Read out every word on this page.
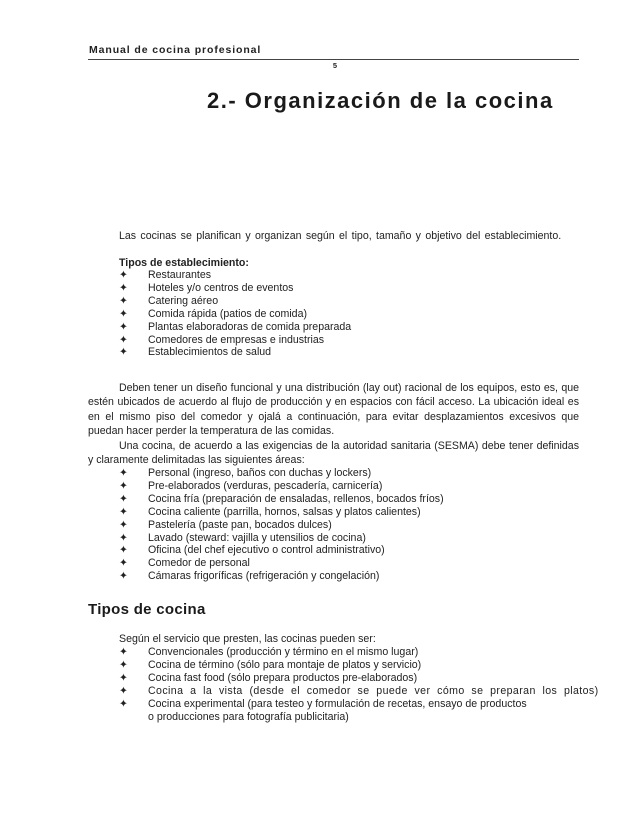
Manual de cocina profesional
5
2.- Organización de la cocina

Las cocinas se planifican y organizan según el tipo, tamaño y objetivo del establecimiento.

Tipos de establecimiento:

✦ Restaurantes
✦ Hoteles y/o centros de eventos
✦ Catering aéreo
✦ Comida rápida (patios de comida)
✦ Plantas elaboradoras de comida preparada
✦ Comedores de empresas e industrias
✦ Establecimientos de salud

Deben tener un diseño funcional y una distribución (lay out) racional de los equipos, esto es, que estén ubicados de acuerdo al flujo de producción y en espacios con fácil acceso. La ubicación ideal es en el mismo piso del comedor y ojalá a continuación, para evitar desplazamientos excesivos que puedan hacer perder la temperatura de las comidas.

Una cocina, de acuerdo a las exigencias de la autoridad sanitaria (SESMA) debe tener definidas y claramente delimitadas las siguientes áreas:

✦ Personal (ingreso, baños con duchas y lockers)
✦ Pre-elaborados (verduras, pescadería, carnicería)
✦ Cocina fría (preparación de ensaladas, rellenos, bocados fríos)
✦ Cocina caliente (parrilla, hornos, salsas y platos calientes)
✦ Pastelería (paste pan, bocados dulces)
✦ Lavado (steward: vajilla y utensilios de cocina)
✦ Oficina (del chef ejecutivo o control administrativo)
✦ Comedor de personal
✦ Cámaras frigoríficas (refrigeración y congelación)
Tipos de cocina

Según el servicio que presten, las cocinas pueden ser:

✦ Convencionales (producción y término en el mismo lugar)
✦ Cocina de término (sólo para montaje de platos y servicio)
✦ Cocina fast food (sólo prepara productos pre-elaborados)
✦ Cocina a la vista (desde el comedor se puede ver cómo se preparan los platos)
✦ Cocina experimental (para testeo y formulación de recetas, ensayo de productos
o producciones para fotografía publicitaria)
